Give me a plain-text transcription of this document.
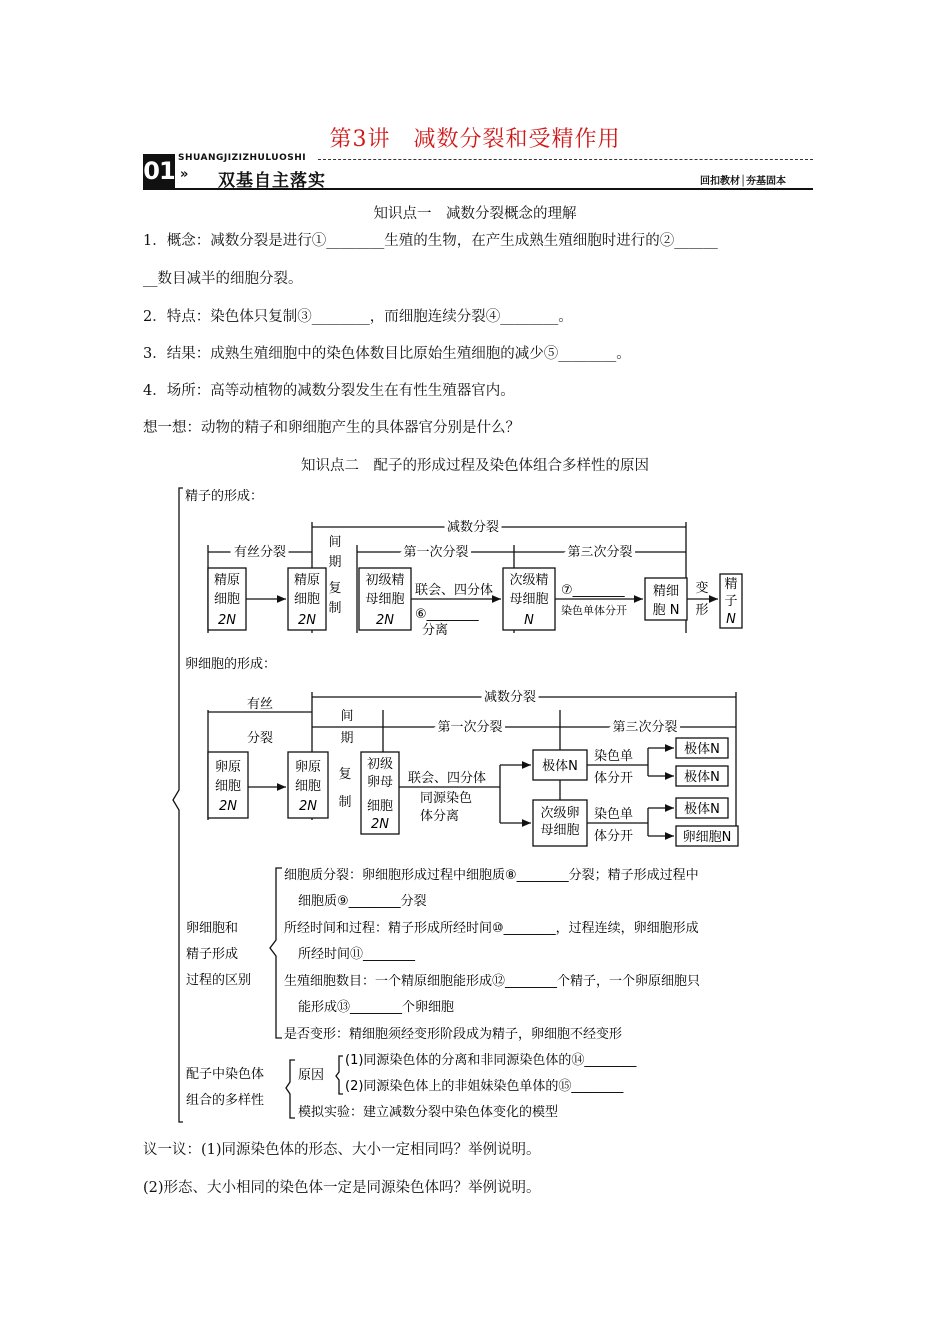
第3讲　减数分裂和受精作用
SHUANGJIZIZHULUOSHI
01 » 双基自主落实	回扣教材│夯基固本
知识点一　减数分裂概念的理解
1．概念：减数分裂是进行①________生殖的生物，在产生成熟生殖细胞时进行的②______
__数目减半的细胞分裂。
2．特点：染色体只复制③________，而细胞连续分裂④________。
3．结果：成熟生殖细胞中的染色体数目比原始生殖细胞的减少⑤________。
4．场所：高等动植物的减数分裂发生在有性生殖器官内。
想一想：动物的精子和卵细胞产生的具体器官分别是什么？
知识点二　配子的形成过程及染色体组合多样性的原因
精子的形成：
减数分裂
有丝分裂
间
期
复
制
第一次分裂	第二次分裂
精原
细胞
2N
精原
细胞
2N
初级精
母细胞
2N
次级精
母细胞
N
精细
胞 N
精
子
N
变
形
联会、四分体
⑥________
分离
⑦________
染色单体分开
卵细胞的形成：
减数分裂
有丝
分裂
间
期
复
制
第一次分裂	第二次分裂
卵原
细胞
2N
卵原
细胞
2N
初级
卵母
细胞
2N
极体N
次级卵
母细胞
极体N
极体N
极体N
卵细胞N
联会、四分体
同源染色
体分离
染色单
体分开
染色单
体分开
卵细胞和
精子形成
过程的区别
细胞质分裂：卵细胞形成过程中细胞质⑧________分裂；精子形成过程中
细胞质⑨________分裂
所经时间和过程：精子形成所经时间⑩________，过程连续，卵细胞形成
所经时间⑪________
生殖细胞数目：一个精原细胞能形成⑫________个精子，一个卵原细胞只
能形成⑬________个卵细胞
是否变形：精细胞须经变形阶段成为精子，卵细胞不经变形
配子中染色体
组合的多样性
原因
(1)同源染色体的分离和非同源染色体的⑭________
(2)同源染色体上的非姐妹染色单体的⑮________
模拟实验：建立减数分裂中染色体变化的模型
议一议：(1)同源染色体的形态、大小一定相同吗？举例说明。
(2)形态、大小相同的染色体一定是同源染色体吗？举例说明。
